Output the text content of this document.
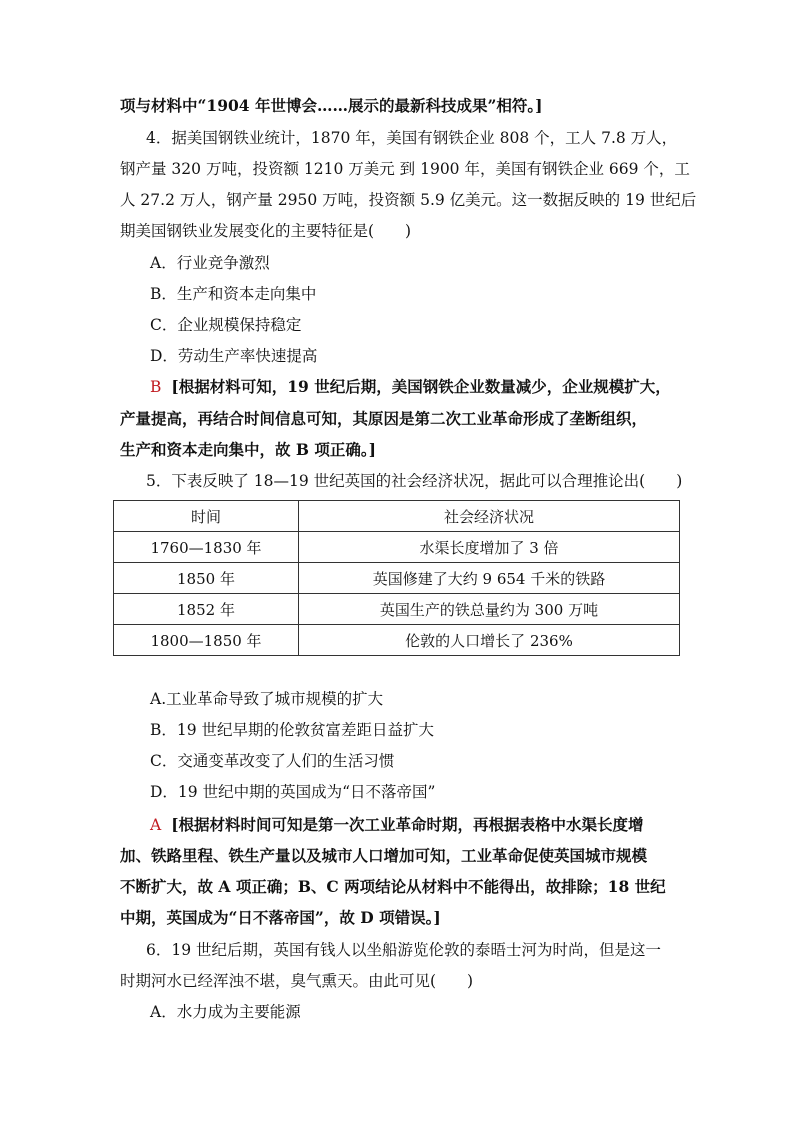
项与材料中“1904 年世博会……展示的最新科技成果”相符。]
4．据美国钢铁业统计，1870 年，美国有钢铁企业 808 个，工人 7.8 万人，
钢产量 320 万吨，投资额 1210 万美元 到 1900 年，美国有钢铁企业 669 个，工
人 27.2 万人，钢产量 2950 万吨，投资额 5.9 亿美元。这一数据反映的 19 世纪后
期美国钢铁业发展变化的主要特征是(　　)
A．行业竞争激烈
B．生产和资本走向集中
C．企业规模保持稳定
D．劳动生产率快速提高
B [根据材料可知，19 世纪后期，美国钢铁企业数量减少，企业规模扩大，
产量提高，再结合时间信息可知，其原因是第二次工业革命形成了垄断组织，
生产和资本走向集中，故 B 项正确。]
5．下表反映了 18—19 世纪英国的社会经济状况，据此可以合理推论出(　　)
时间	社会经济状况
1760—1830 年	水渠长度增加了 3 倍
1850 年	英国修建了大约 9 654 千米的铁路
1852 年	英国生产的铁总量约为 300 万吨
1800—1850 年	伦敦的人口增长了 236%
A.工业革命导致了城市规模的扩大
B．19 世纪早期的伦敦贫富差距日益扩大
C．交通变革改变了人们的生活习惯
D．19 世纪中期的英国成为“日不落帝国”
A [根据材料时间可知是第一次工业革命时期，再根据表格中水渠长度增
加、铁路里程、铁生产量以及城市人口增加可知，工业革命促使英国城市规模
不断扩大，故 A 项正确；B、C 两项结论从材料中不能得出，故排除；18 世纪
中期，英国成为“日不落帝国”，故 D 项错误。]
6．19 世纪后期，英国有钱人以坐船游览伦敦的泰晤士河为时尚，但是这一
时期河水已经浑浊不堪，臭气熏天。由此可见(　　)
A．水力成为主要能源
